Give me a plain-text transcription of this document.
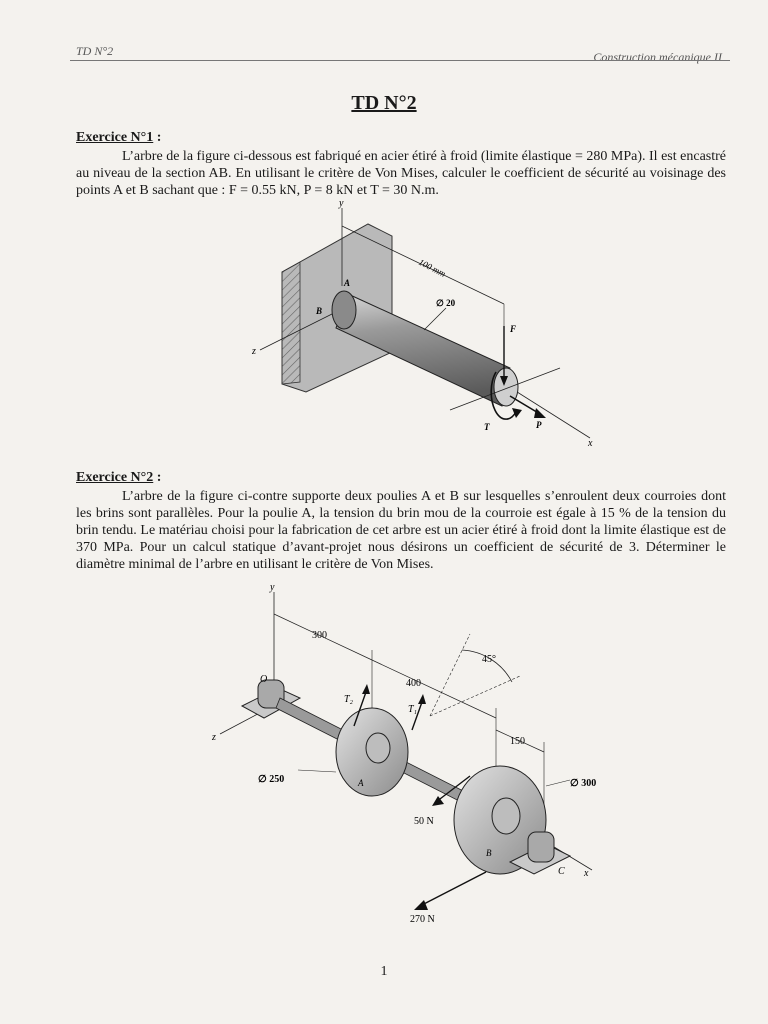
TD N°2	Construction mécanique II
TD N°2
Exercice N°1 :
L’arbre de la figure ci-dessous est fabriqué en acier étiré à froid (limite élastique = 280 MPa). Il est encastré au niveau de la section AB. En utilisant le critère de Von Mises, calculer le coefficient de sécurité au voisinage des points A et B sachant que : F = 0.55 kN, P = 8 kN et T = 30 N.m.
y
z
x
A
B
100 mm
∅ 20
F
T	P
Exercice N°2 :
L’arbre de la figure ci-contre supporte deux poulies A et B sur lesquelles s’enroulent deux courroies dont les brins sont parallèles. Pour la poulie A, la tension du brin mou de la courroie est égale à 15 % de la tension du brin tendu. Le matériau choisi pour la fabrication de cet arbre est un acier étiré à froid dont la limite élastique est de 370 MPa. Pour un calcul statique d’avant-projet nous désirons un coefficient de sécurité de 3. Déterminer le diamètre minimal de l’arbre en utilisant le critère de Von Mises.
y
z
x
O
C
A
B
300
400
150
45°
T₁
T₂
∅ 250	∅ 300
50 N
270 N
1
